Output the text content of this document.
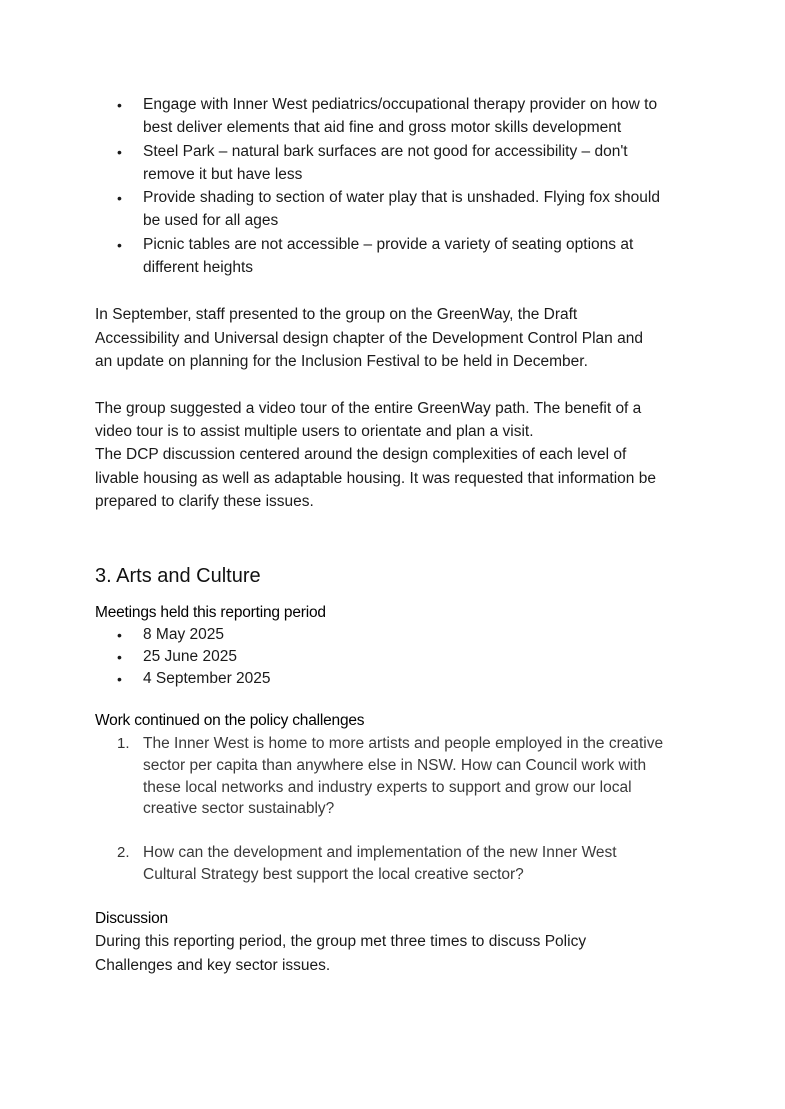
• Engage with Inner West pediatrics/occupational therapy provider on how to
best deliver elements that aid fine and gross motor skills development
• Steel Park – natural bark surfaces are not good for accessibility – don't
remove it but have less
• Provide shading to section of water play that is unshaded. Flying fox should
be used for all ages
• Picnic tables are not accessible – provide a variety of seating options at
different heights
In September, staff presented to the group on the GreenWay, the Draft
Accessibility and Universal design chapter of the Development Control Plan and
an update on planning for the Inclusion Festival to be held in December.
The group suggested a video tour of the entire GreenWay path. The benefit of a
video tour is to assist multiple users to orientate and plan a visit.
The DCP discussion centered around the design complexities of each level of
livable housing as well as adaptable housing. It was requested that information be
prepared to clarify these issues.
3. Arts and Culture
Meetings held this reporting period
• 8 May 2025
• 25 June 2025
• 4 September 2025
Work continued on the policy challenges
1. The Inner West is home to more artists and people employed in the creative
sector per capita than anywhere else in NSW. How can Council work with
these local networks and industry experts to support and grow our local
creative sector sustainably?
2. How can the development and implementation of the new Inner West
Cultural Strategy best support the local creative sector?
Discussion
During this reporting period, the group met three times to discuss Policy
Challenges and key sector issues.
